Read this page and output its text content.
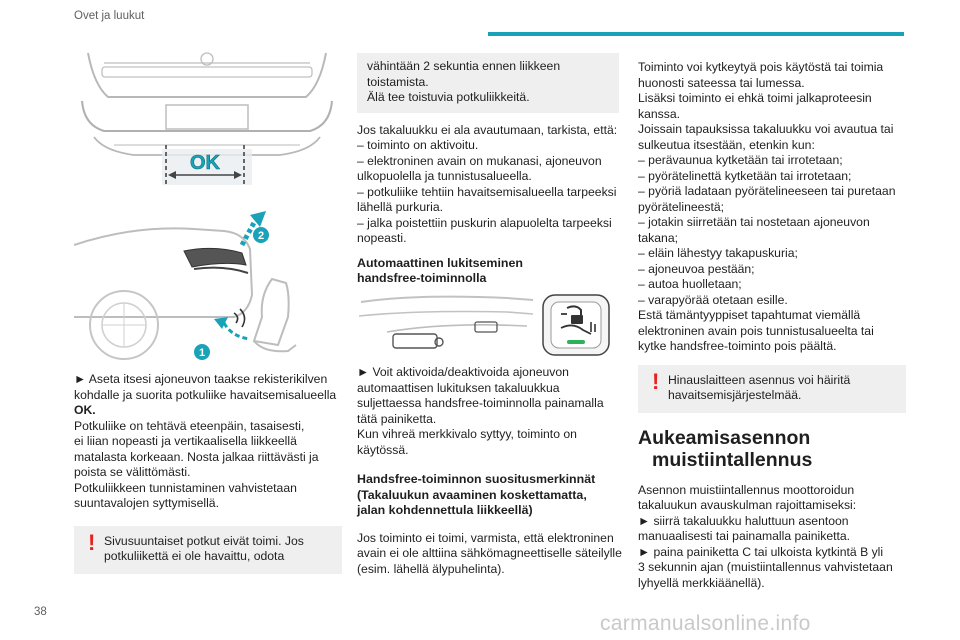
Ovet ja luukut
38	carmanualsonline.info
OK
2
1
► Aseta itsesi ajoneuvon taakse rekisterikilven
kohdalle ja suorita potkuliike havaitsemisalueella
OK.
Potkuliike on tehtävä eteenpäin, tasaisesti,
ei liian nopeasti ja vertikaalisella liikkeellä
matalasta korkeaan. Nosta jalkaa riittävästi ja
poista se välittömästi.
Potkuliikkeen tunnistaminen vahvistetaan
suuntavalojen syttymisellä.
! Sivusuuntaiset potkut eivät toimi. Jos
potkuliikettä ei ole havaittu, odota
vähintään 2 sekuntia ennen liikkeen
toistamista.
Älä tee toistuvia potkuliikkeitä.
Jos takaluukku ei ala avautumaan, tarkista, että:
– toiminto on aktivoitu.
– elektroninen avain on mukanasi, ajoneuvon
ulkopuolella ja tunnistusalueella.
– potkuliike tehtiin havaitsemisalueella tarpeeksi
lähellä purkuria.
– jalka poistettiin puskurin alapuolelta tarpeeksi
nopeasti.
Automaattinen lukitseminen
handsfree-toiminnolla
► Voit aktivoida/deaktivoida ajoneuvon
automaattisen lukituksen takaluukkua
suljettaessa handsfree-toiminnolla painamalla
tätä painiketta.
Kun vihreä merkkivalo syttyy, toiminto on
käytössä.
Handsfree-toiminnon suositusmerkinnät
(Takaluukun avaaminen koskettamatta,
jalan kohdennettula liikkeellä)
Jos toiminto ei toimi, varmista, että elektroninen
avain ei ole alttiina sähkömagneettiselle säteilylle
(esim. lähellä älypuhelinta).
Toiminto voi kytkeytyä pois käytöstä tai toimia
huonosti sateessa tai lumessa.
Lisäksi toiminto ei ehkä toimi jalkaproteesin
kanssa.
Joissain tapauksissa takaluukku voi avautua tai
sulkeutua itsestään, etenkin kun:
– perävaunua kytketään tai irrotetaan;
– pyörätelinettä kytketään tai irrotetaan;
– pyöriä ladataan pyörätelineeseen tai puretaan
pyörätelineestä;
– jotakin siirretään tai nostetaan ajoneuvon
takana;
– eläin lähestyy takapuskuria;
– ajoneuvoa pestään;
– autoa huolletaan;
– varapyörää otetaan esille.
Estä tämäntyyppiset tapahtumat viemällä
elektroninen avain pois tunnistusalueelta tai
kytke handsfree-toiminto pois päältä.
! Hinauslaitteen asennus voi häiritä
havaitsemisjärjestelmää.
Aukeamisasennon
muistiintallennus
Asennon muistiintallennus moottoroidun
takaluukun avauskulman rajoittamiseksi:
► siirrä takaluukku haluttuun asentoon
manuaalisesti tai painamalla painiketta.
► paina painiketta C tai ulkoista kytkintä B yli
3 sekunnin ajan (muistiintallennus vahvistetaan
lyhyellä merkkiäänellä).
